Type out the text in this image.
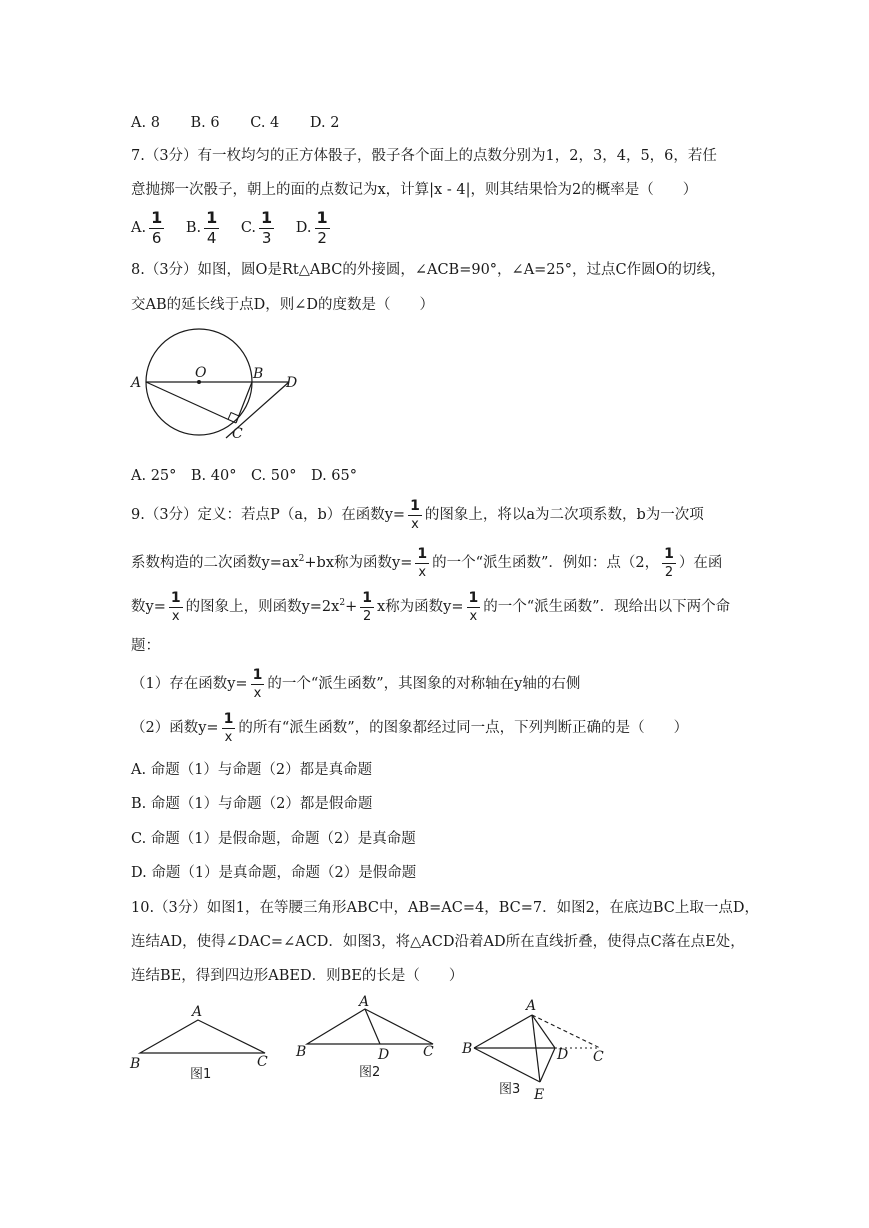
A. 8 B. 6 C. 4 D. 2
7.（3分）有一枚均匀的正方体骰子，骰子各个面上的点数分别为1，2，3，4，5，6，若任
意抛掷一次骰子，朝上的面的点数记为x，计算|x - 4|，则其结果恰为2的概率是（　　）
A. $\frac{1}{6} B$. $\frac{1}{4} C$. $\frac{1}{3} D$. $\frac{1}{2}$
8.（3分）如图，圆O是Rt△ABC的外接圆，∠ACB=90°，∠A=25°，过点C作圆O的切线，
交AB的延长线于点D，则∠D的度数是（　　）
A
O	B
D
C
A. 25°　B. 40°　C. 50°　D. 65°
9.（3分）定义：若点P（a，b）在函数$y= \frac{1}{x}$ 的图象上，将以a为二次项系数，b为一次项
系数构造的二次函数$y=ax^2+bx$称为函数$y= \frac{1}{x}$ 的一个“派生函数”．例如：点（2， $\frac{1}{2}$ ）在函
数$y= \frac{1}{x}$ 的图象上，则函数$y=2x^2+ \frac{1}{2}$ x称为函数$y= \frac{1}{x}$ 的一个“派生函数”．现给出以下两个命
题：
（1）存在函数$y= \frac{1}{x}$ 的一个“派生函数”，其图象的对称轴在y轴的右侧
（2）函数$y= \frac{1}{x}$ 的所有“派生函数”，的图象都经过同一点，下列判断正确的是（　　）
A. 命题（1）与命题（2）都是真命题
B. 命题（1）与命题（2）都是假命题
C. 命题（1）是假命题，命题（2）是真命题
D. 命题（1）是真命题，命题（2）是假命题
10.（3分）如图1，在等腰三角形ABC中，AB=AC=4，BC=7．如图2，在底边BC上取一点D，
连结AD，使得∠DAC=∠ACD．如图3，将△ACD沿着AD所在直线折叠，使得点C落在点E处，
连结BE，得到四边形ABED．则BE的长是（　　）
A
B	C
图1
A
B	D C
图2
A
B	D C
E
图3
